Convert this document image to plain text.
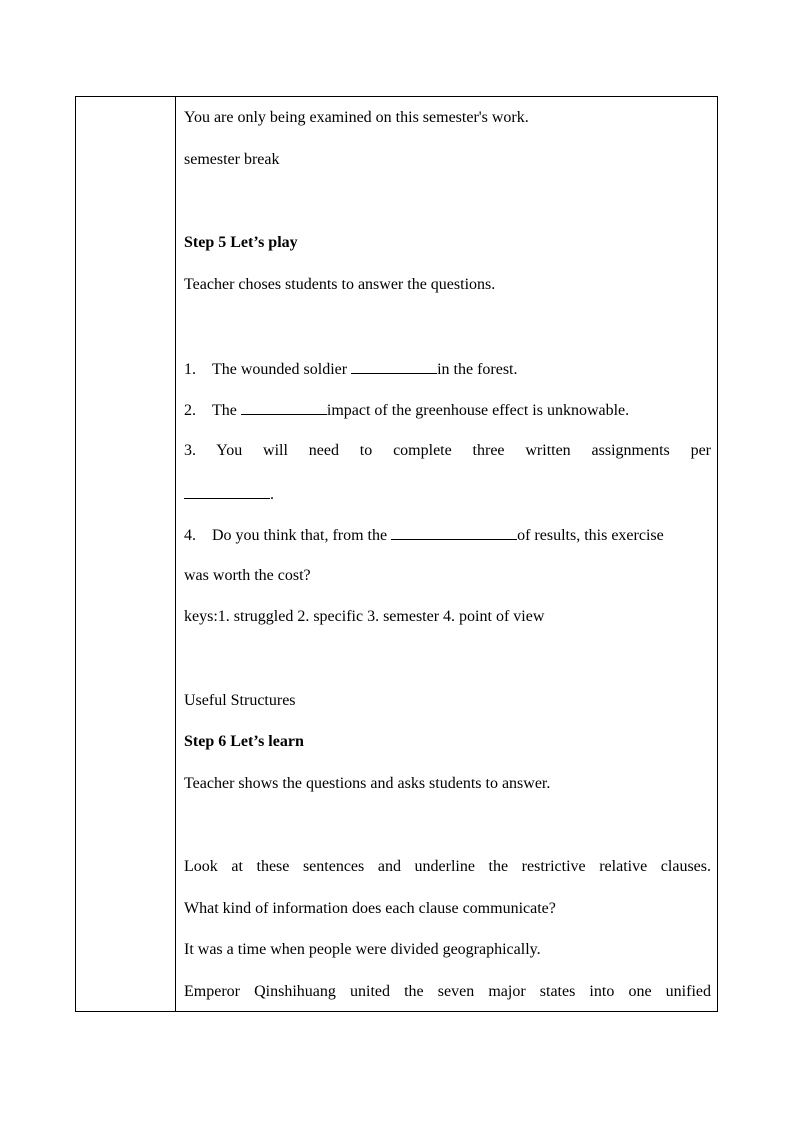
You are only being examined on this semester's work.
semester break
Step 5 Let’s play
Teacher choses students to answer the questions.
1. The wounded soldier	in the forest.
2. The	impact of the greenhouse effect is unknowable.
3. You will need to complete three written assignments per
.
4. Do you think that, from the	of results, this exercise
was worth the cost?
keys:1. struggled 2. specific 3. semester 4. point of view
Useful Structures
Step 6 Let’s learn
Teacher shows the questions and asks students to answer.
Look at these sentences and underline the restrictive relative clauses.
What kind of information does each clause communicate?
It was a time when people were divided geographically.
Emperor Qinshihuang united the seven major states into one unified
